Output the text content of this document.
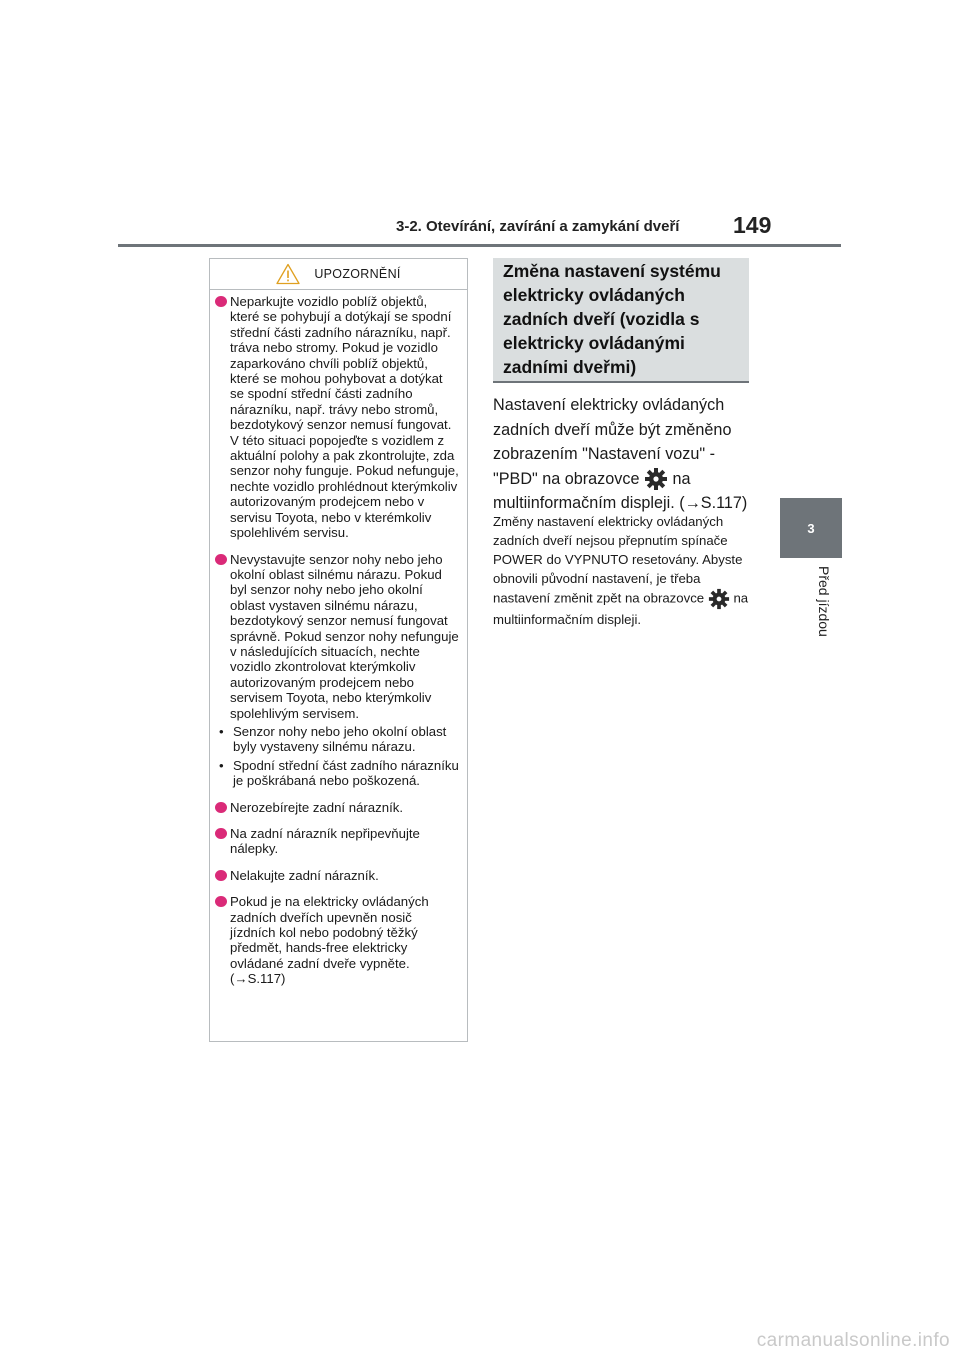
3-2. Otevírání, zavírání a zamykání dveří 149
3
Před jízdou
UPOZORNĚNÍ
Neparkujte vozidlo poblíž objektů, které se pohybují a dotýkají se spodní střední části zadního nárazníku, např. tráva nebo stromy. Pokud je vozidlo zaparkováno chvíli poblíž objektů, které se mohou pohybovat a dotýkat se spodní střední části zadního nárazníku, např. trávy nebo stromů, bezdotykový senzor nemusí fungovat. V této situaci popojeďte s vozidlem z aktuální polohy a pak zkontrolujte, zda senzor nohy funguje. Pokud nefunguje, nechte vozidlo prohlédnout kterýmkoliv autorizovaným prodejcem nebo v servisu Toyota, nebo v kterémkoliv spolehlivém servisu.
Nevystavujte senzor nohy nebo jeho okolní oblast silnému nárazu. Pokud byl senzor nohy nebo jeho okolní oblast vystaven silnému nárazu, bezdotykový senzor nemusí fungovat správně. Pokud senzor nohy nefunguje v následujících situacích, nechte vozidlo zkontrolovat kterýmkoliv autorizovaným prodejcem nebo servisem Toyota, nebo kterýmkoliv spolehlivým servisem.
• Senzor nohy nebo jeho okolní oblast byly vystaveny silnému nárazu.
• Spodní střední část zadního nárazníku je poškrábaná nebo poškozená.
Nerozebírejte zadní nárazník.
Na zadní nárazník nepřipevňujte nálepky.
Nelakujte zadní nárazník.
Pokud je na elektricky ovládaných zadních dveřích upevněn nosič jízdních kol nebo podobný těžký předmět, hands-free elektricky ovládané zadní dveře vypněte. (→S.117)
Změna nastavení systému elektricky ovládaných zadních dveří (vozidla s elektricky ovládanými zadními dveřmi)
Nastavení elektricky ovládaných zadních dveří může být změněno zobrazením "Nastavení vozu" - "PBD" na obrazovce na multiinformačním displeji. (→S.117)
Změny nastavení elektricky ovládaných zadních dveří nejsou přepnutím spínače POWER do VYPNUTO resetovány. Abyste obnovili původní nastavení, je třeba nastavení změnit zpět na obrazovce na multiinformačním displeji.
carmanualsonline.info
